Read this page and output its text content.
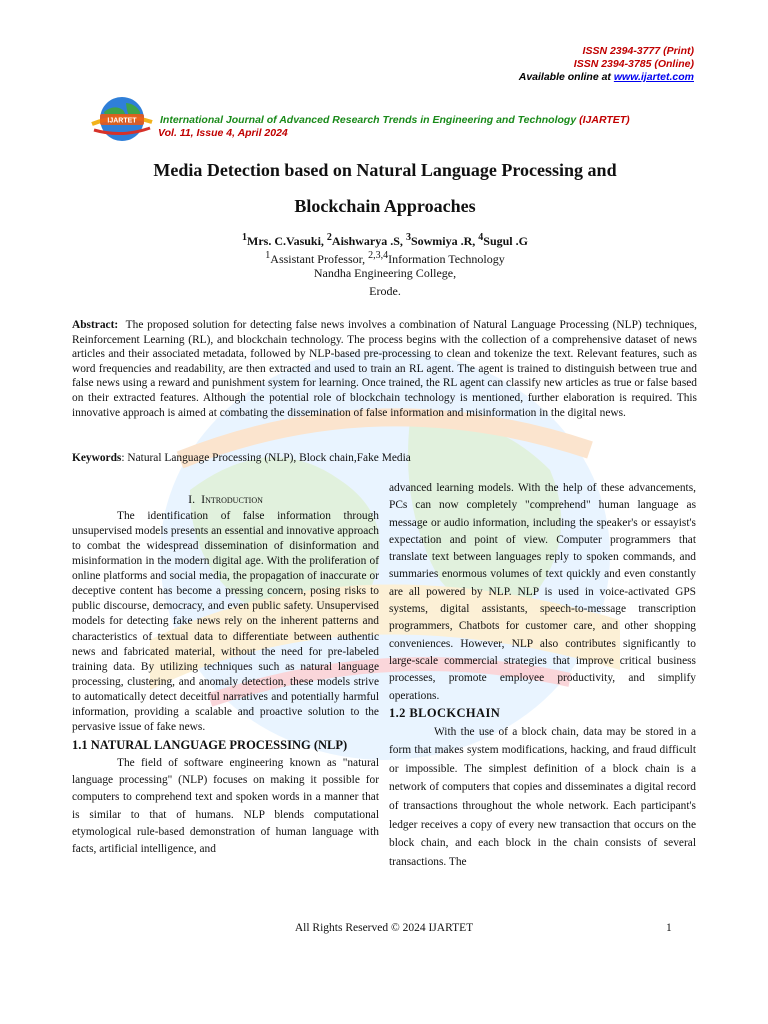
ISSN 2394-3777 (Print)
ISSN 2394-3785 (Online)
Available online at www.ijartet.com
IJARTET International Journal of Advanced Research Trends in Engineering and Technology (IJARTET)
Vol. 11, Issue 4, April 2024
Media Detection based on Natural Language Processing and
Blockchain Approaches
$^1$Mrs. C.Vasuki, $^2$Aishwarya .S, $^3$Sowmiya .R, $^4$Sugul .G
$^1$Assistant Professor, $^{2,3,4}$Information Technology
Nandha Engineering College,
Erode.
Abstract: The proposed solution for detecting false news involves a combination of Natural Language Processing (NLP) techniques, Reinforcement Learning (RL), and blockchain technology. The process begins with the collection of a comprehensive dataset of news articles and their associated metadata, followed by NLP-based pre-processing to clean and tokenize the text. Relevant features, such as word frequencies and readability, are then extracted and used to train an RL agent. The agent is trained to distinguish between true and false news using a reward and punishment system for learning. Once trained, the RL agent can classify new articles as true or false based on their extracted features. Although the potential role of blockchain technology is mentioned, further elaboration is required. This innovative approach is aimed at combating the dissemination of false information and misinformation in the digital news.
Keywords: Natural Language Processing (NLP), Block chain,Fake Media
I. Introduction

The identification of false information through unsupervised models presents an essential and innovative approach to combat the widespread dissemination of disinformation and misinformation in the modern digital age. With the proliferation of online platforms and social media, the propagation of inaccurate or deceptive content has become a pressing concern, posing risks to public discourse, democracy, and even public safety. Unsupervised models for detecting fake news rely on the inherent patterns and characteristics of textual data to differentiate between authentic news and fabricated material, without the need for pre-labeled training data. By utilizing techniques such as natural language processing, clustering, and anomaly detection, these models strive to automatically detect deceitful narratives and potentially harmful information, providing a scalable and proactive solution to the pervasive issue of fake news.

1.1 NATURAL LANGUAGE PROCESSING (NLP)

The field of software engineering known as "natural language processing" (NLP) focuses on making it possible for computers to comprehend text and spoken words in a manner that is similar to that of humans. NLP blends computational etymological rule-based demonstration of human language with facts, artificial intelligence, and

advanced learning models. With the help of these advancements, PCs can now completely "comprehend" human language as message or audio information, including the speaker's or essayist's expectation and point of view. Computer programmers that translate text between languages reply to spoken commands, and summaries enormous volumes of text quickly and even constantly are all powered by NLP. NLP is used in voice-activated GPS systems, digital assistants, speech-to-message transcription programmers, Chatbots for customer care, and other shopping conveniences. However, NLP also contributes significantly to large-scale commercial strategies that improve critical business processes, promote employee productivity, and simplify operations.

1.2 BLOCKCHAIN

With the use of a block chain, data may be stored in a form that makes system modifications, hacking, and fraud difficult or impossible. The simplest definition of a block chain is a network of computers that copies and disseminates a digital record of transactions throughout the whole network. Each participant's ledger receives a copy of every new transaction that occurs on the block chain, and each block in the chain consists of several transactions. The

All Rights Reserved © 2024 IJARTET	1
